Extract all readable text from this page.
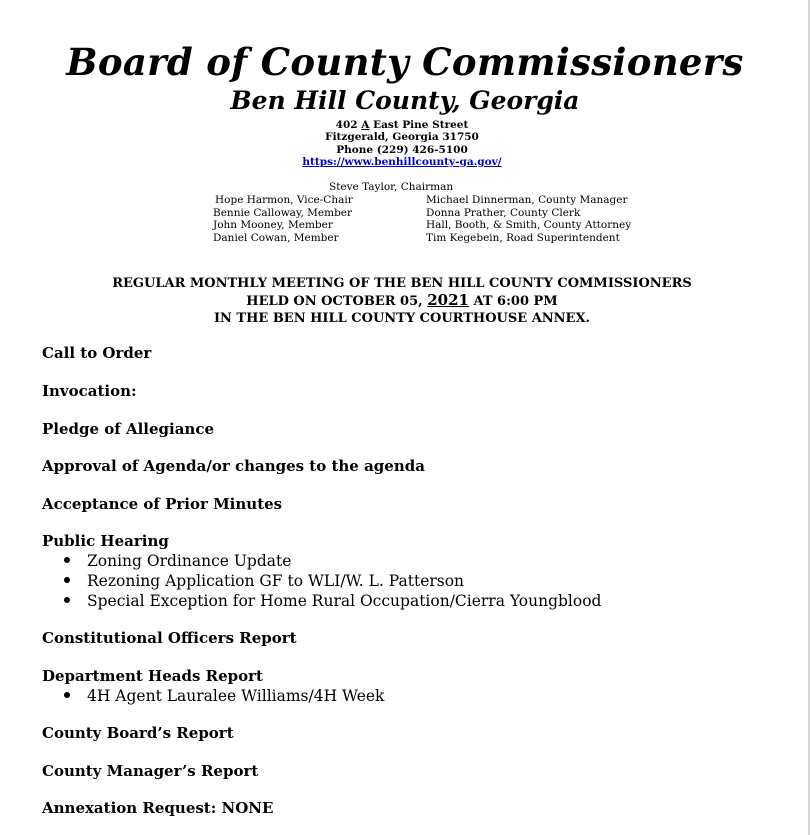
Board of County Commissioners
Ben Hill County, Georgia
402 A East Pine Street
Fitzgerald, Georgia 31750
Phone (229) 426-5100
https://www.benhillcounty-ga.gov/
Steve Taylor, Chairman
Hope Harmon, Vice-Chair
Bennie Calloway, Member
John Mooney, Member
Daniel Cowan, Member
Michael Dinnerman, County Manager
Donna Prather, County Clerk
Hall, Booth, & Smith, County Attorney
Tim Kegebein, Road Superintendent
REGULAR MONTHLY MEETING OF THE BEN HILL COUNTY COMMISSIONERS
HELD ON OCTOBER 05, 2021 AT 6:00 PM
IN THE BEN HILL COUNTY COURTHOUSE ANNEX.
Call to Order
Invocation:
Pledge of Allegiance
Approval of Agenda/or changes to the agenda
Acceptance of Prior Minutes
Public Hearing
Zoning Ordinance Update
Rezoning Application GF to WLI/W. L. Patterson
Special Exception for Home Rural Occupation/Cierra Youngblood
Constitutional Officers Report
Department Heads Report
4H Agent Lauralee Williams/4H Week
County Board’s Report
County Manager’s Report
Annexation Request: NONE
